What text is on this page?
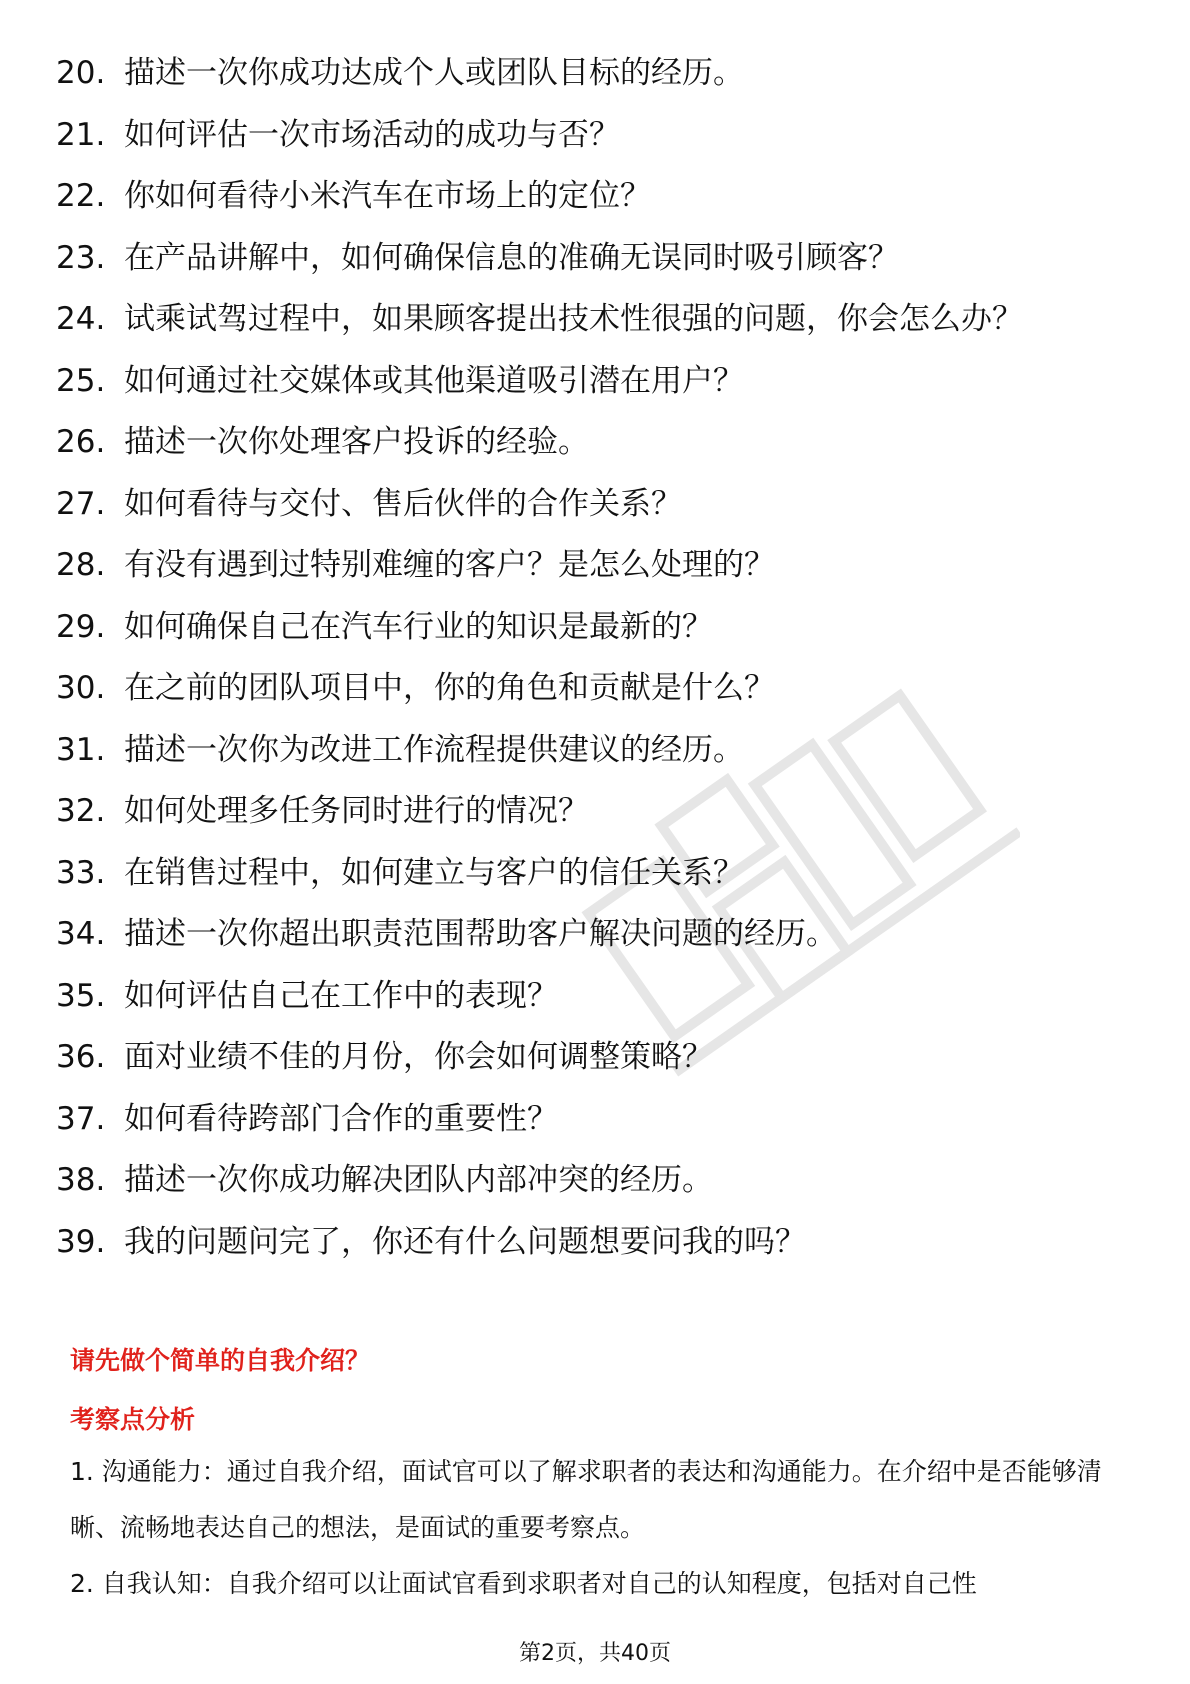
20. 描述一次你成功达成个人或团队目标的经历。
21. 如何评估一次市场活动的成功与否？
22. 你如何看待小米汽车在市场上的定位？
23. 在产品讲解中，如何确保信息的准确无误同时吸引顾客？
24. 试乘试驾过程中，如果顾客提出技术性很强的问题，你会怎么办？
25. 如何通过社交媒体或其他渠道吸引潜在用户？
26. 描述一次你处理客户投诉的经验。
27. 如何看待与交付、售后伙伴的合作关系？
28. 有没有遇到过特别难缠的客户？是怎么处理的？
29. 如何确保自己在汽车行业的知识是最新的？
30. 在之前的团队项目中，你的角色和贡献是什么？
31. 描述一次你为改进工作流程提供建议的经历。
32. 如何处理多任务同时进行的情况？
33. 在销售过程中，如何建立与客户的信任关系？
34. 描述一次你超出职责范围帮助客户解决问题的经历。
35. 如何评估自己在工作中的表现？
36. 面对业绩不佳的月份，你会如何调整策略？
37. 如何看待跨部门合作的重要性？
38. 描述一次你成功解决团队内部冲突的经历。
39. 我的问题问完了，你还有什么问题想要问我的吗？
请先做个简单的自我介绍？
考察点分析
1. 沟通能力：通过自我介绍，面试官可以了解求职者的表达和沟通能力。在介绍中是否能够清晰、流畅地表达自己的想法，是面试的重要考察点。
2. 自我认知：自我介绍可以让面试官看到求职者对自己的认知程度，包括对自己性
第2页，共40页
